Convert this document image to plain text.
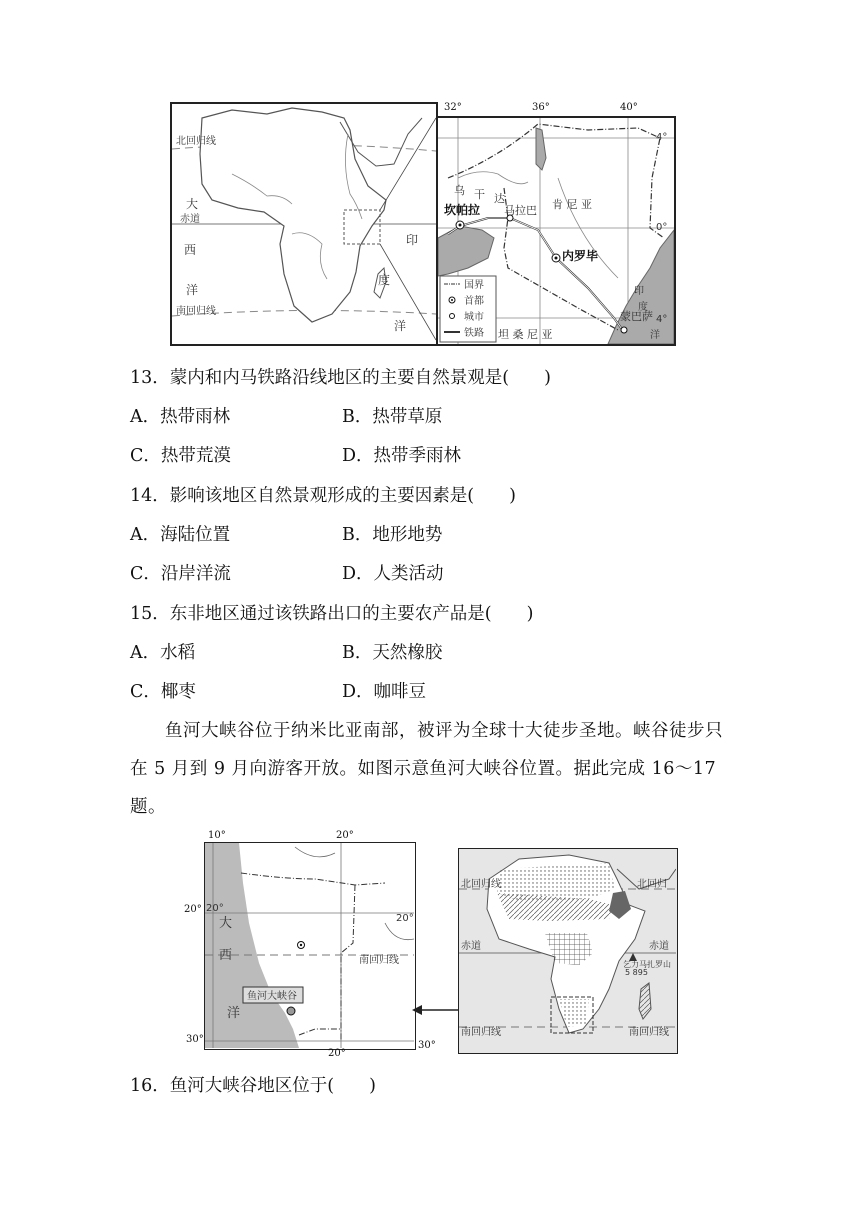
北回归线
大
赤道
西
洋
南回归线
印
度
洋
4°
0°
4°
乌 干 达	肯 尼 亚
坎帕拉 马拉巴
内罗毕
蒙巴萨
坦 桑 尼 亚
印
度
洋
国界
首都
城市
铁路
32°	36°	40°
13．蒙内和内马铁路沿线地区的主要自然景观是(　　)
A．热带雨林	B．热带草原
C．热带荒漠	D．热带季雨林
14．影响该地区自然景观形成的主要因素是(　　)
A．海陆位置	B．地形地势
C．沿岸洋流	D．人类活动
15．东非地区通过该铁路出口的主要农产品是(　　)
A．水稻	B．天然橡胶
C．椰枣	D．咖啡豆
鱼河大峡谷位于纳米比亚南部，被评为全球十大徒步圣地。峡谷徒步只在 5 月到 9 月向游客开放。如图示意鱼河大峡谷位置。据此完成 16～17 题。
20°
20°
大
西
洋
南回归线
鱼河大峡谷
10°	20°
20°
30°
20°
30°
北回归线	北回归
赤道	赤道
乞力马扎罗山
5 895
南回归线	南回归线
16．鱼河大峡谷地区位于(　　)
